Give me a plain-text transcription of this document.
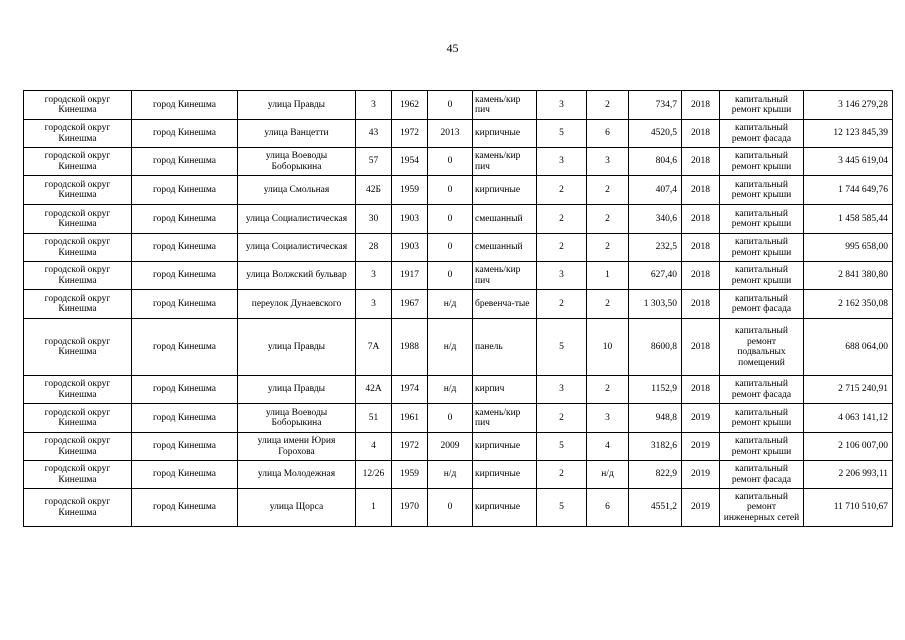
45
городской округ Кинешма	город Кинешма	улица Правды	3	1962	0	камень/кир пич	3	2	734,7	2018	капитальный ремонт крыши	3 146 279,28
городской округ Кинешма	город Кинешма	улица Ванцетти	43	1972	2013	кирпичные	5	6	4520,5	2018	капитальный ремонт фасада	12 123 845,39
городской округ Кинешма	город Кинешма	улица Воеводы Боборыкина	57	1954	0	камень/кир пич	3	3	804,6	2018	капитальный ремонт крыши	3 445 619,04
городской округ Кинешма	город Кинешма	улица Смольная	42Б	1959	0	кирпичные	2	2	407,4	2018	капитальный ремонт крыши	1 744 649,76
городской округ Кинешма	город Кинешма	улица Социалистическая	30	1903	0	смешанный	2	2	340,6	2018	капитальный ремонт крыши	1 458 585,44
городской округ Кинешма	город Кинешма	улица Социалистическая	28	1903	0	смешанный	2	2	232,5	2018	капитальный ремонт крыши	995 658,00
городской округ Кинешма	город Кинешма	улица Волжский бульвар	3	1917	0	камень/кир пич	3	1	627,40	2018	капитальный ремонт крыши	2 841 380,80
городской округ Кинешма	город Кинешма	переулок Дунаевского	3	1967	н/д	бревенча-тые	2	2	1 303,50	2018	капитальный ремонт фасада	2 162 350,08
городской округ Кинешма	город Кинешма	улица Правды	7А	1988	н/д	панель	5	10	8600,8	2018	капитальный ремонт подвальных помещений	688 064,00
городской округ Кинешма	город Кинешма	улица Правды	42А	1974	н/д	кирпич	3	2	1152,9	2018	капитальный ремонт фасада	2 715 240,91
городской округ Кинешма	город Кинешма	улица Воеводы Боборыкина	51	1961	0	камень/кир пич	2	3	948,8	2019	капитальный ремонт крыши	4 063 141,12
городской округ Кинешма	город Кинешма	улица имени Юрия Горохова	4	1972	2009	кирпичные	5	4	3182,6	2019	капитальный ремонт крыши	2 106 007,00
городской округ Кинешма	город Кинешма	улица Молодежная	12/26	1959	н/д	кирпичные	2	н/д	822,9	2019	капитальный ремонт фасада	2 206 993,11
городской округ Кинешма	город Кинешма	улица Щорса	1	1970	0	кирпичные	5	6	4551,2	2019	капитальный ремонт инженерных сетей	11 710 510,67
